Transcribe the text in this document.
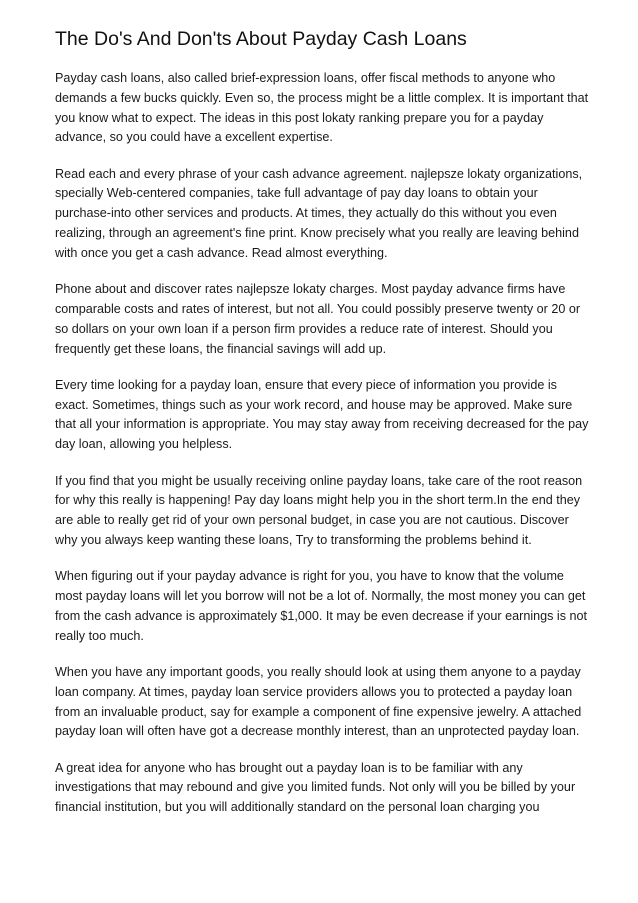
The Do's And Don'ts About Payday Cash Loans

Payday cash loans, also called brief-expression loans, offer fiscal methods to anyone who demands a few bucks quickly. Even so, the process might be a little complex. It is important that you know what to expect. The ideas in this post lokaty ranking prepare you for a payday advance, so you could have a excellent expertise.

Read each and every phrase of your cash advance agreement. najlepsze lokaty organizations, specially Web-centered companies, take full advantage of pay day loans to obtain your purchase-into other services and products. At times, they actually do this without you even realizing, through an agreement's fine print. Know precisely what you really are leaving behind with once you get a cash advance. Read almost everything.

Phone about and discover rates najlepsze lokaty charges. Most payday advance firms have comparable costs and rates of interest, but not all. You could possibly preserve twenty or 20 or so dollars on your own loan if a person firm provides a reduce rate of interest. Should you frequently get these loans, the financial savings will add up.

Every time looking for a payday loan, ensure that every piece of information you provide is exact. Sometimes, things such as your work record, and house may be approved. Make sure that all your information is appropriate. You may stay away from receiving decreased for the pay day loan, allowing you helpless.

If you find that you might be usually receiving online payday loans, take care of the root reason for why this really is happening! Pay day loans might help you in the short term.In the end they are able to really get rid of your own personal budget, in case you are not cautious. Discover why you always keep wanting these loans, Try to transforming the problems behind it.

When figuring out if your payday advance is right for you, you have to know that the volume most payday loans will let you borrow will not be a lot of. Normally, the most money you can get from the cash advance is approximately $1,000. It may be even decrease if your earnings is not really too much.

When you have any important goods, you really should look at using them anyone to a payday loan company. At times, payday loan service providers allows you to protected a payday loan from an invaluable product, say for example a component of fine expensive jewelry. A attached payday loan will often have got a decrease monthly interest, than an unprotected payday loan.

A great idea for anyone who has brought out a payday loan is to be familiar with any investigations that may rebound and give you limited funds. Not only will you be billed by your financial institution, but you will additionally standard on the personal loan charging you
